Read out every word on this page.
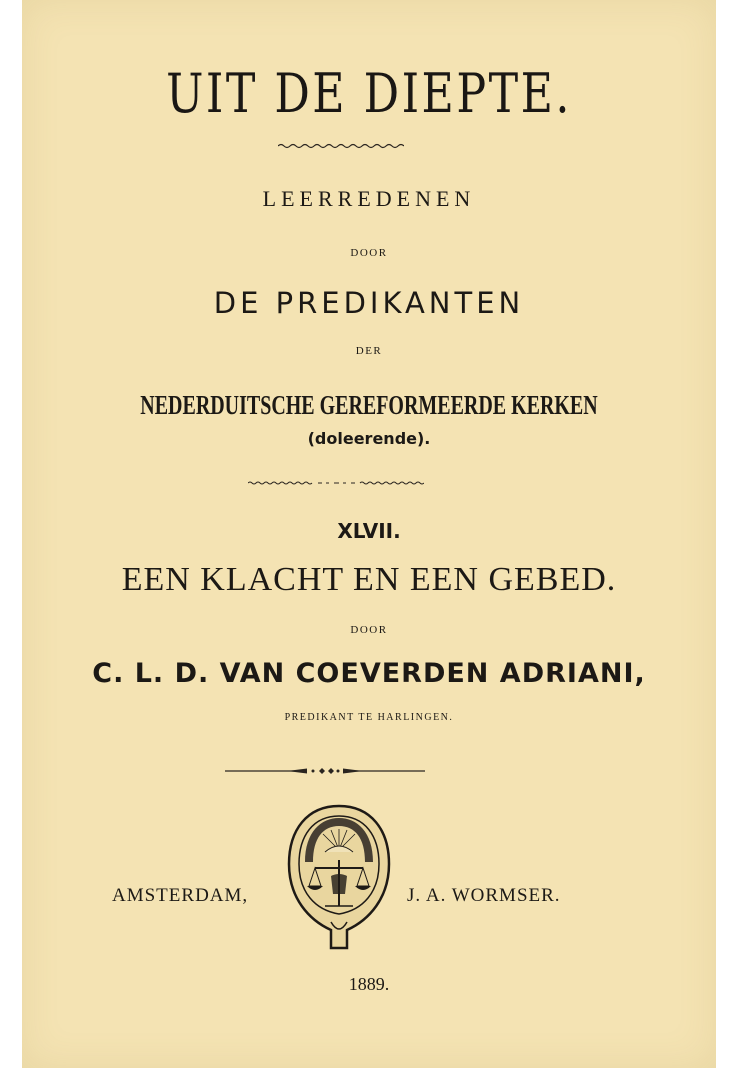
UIT DE DIEPTE.
LEERREDENEN
DOOR
DE PREDIKANTEN
DER
NEDERDUITSCHE GEREFORMEERDE KERKEN
(doleerende).
XLVII.
EEN KLACHT EN EEN GEBED.
DOOR
C. L. D. VAN COEVERDEN ADRIANI,
PREDIKANT TE HARLINGEN.
AMSTERDAM,	J. A. WORMSER.
1889.
